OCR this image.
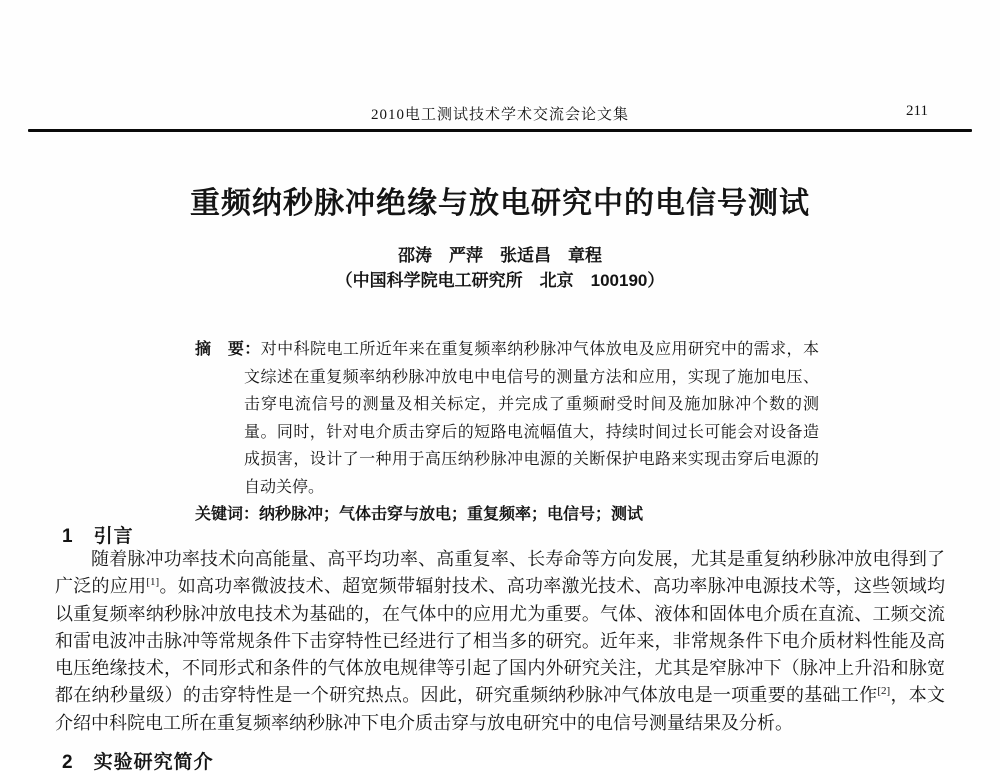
2010电工测试技术学术交流会论文集	211
重频纳秒脉冲绝缘与放电研究中的电信号测试
邵涛　严萍　张适昌　章程
（中国科学院电工研究所　北京　100190）

摘　要：对中科院电工所近年来在重复频率纳秒脉冲气体放电及应用研究中的需求，本文综述在重复频率纳秒脉冲放电中电信号的测量方法和应用，实现了施加电压、击穿电流信号的测量及相关标定，并完成了重频耐受时间及施加脉冲个数的测量。同时，针对电介质击穿后的短路电流幅值大，持续时间过长可能会对设备造成损害，设计了一种用于高压纳秒脉冲电源的关断保护电路来实现击穿后电源的自动关停。

关键词：纳秒脉冲；气体击穿与放电；重复频率；电信号；测试

1　引言

随着脉冲功率技术向高能量、高平均功率、高重复率、长寿命等方向发展，尤其是重复纳秒脉冲放电得到了广泛的应用[1]。如高功率微波技术、超宽频带辐射技术、高功率激光技术、高功率脉冲电源技术等，这些领域均以重复频率纳秒脉冲放电技术为基础的，在气体中的应用尤为重要。气体、液体和固体电介质在直流、工频交流和雷电波冲击脉冲等常规条件下击穿特性已经进行了相当多的研究。近年来，非常规条件下电介质材料性能及高电压绝缘技术，不同形式和条件的气体放电规律等引起了国内外研究关注，尤其是窄脉冲下（脉冲上升沿和脉宽都在纳秒量级）的击穿特性是一个研究热点。因此，研究重频纳秒脉冲气体放电是一项重要的基础工作[2]，本文介绍中科院电工所在重复频率纳秒脉冲下电介质击穿与放电研究中的电信号测量结果及分析。

2　实验研究简介
